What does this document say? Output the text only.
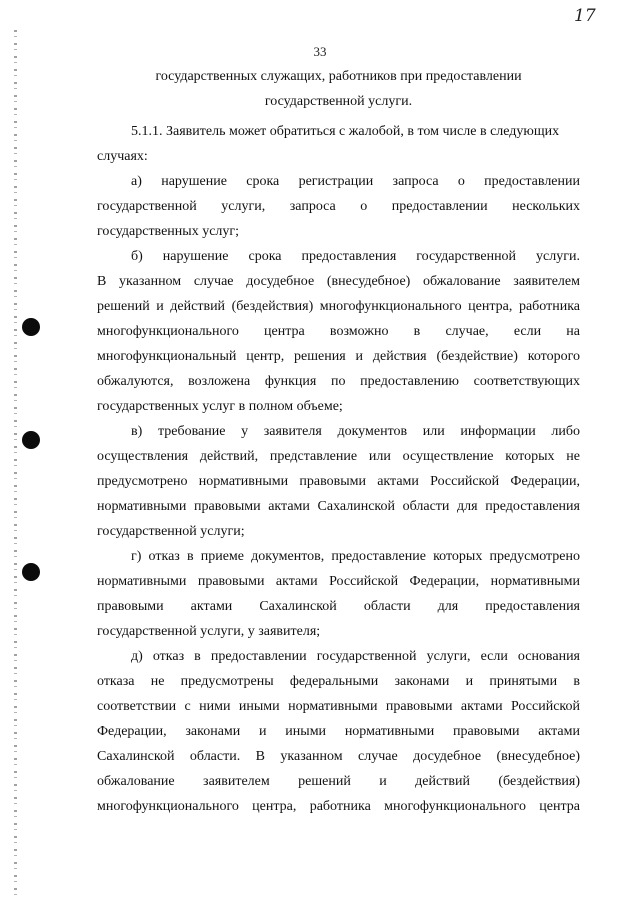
17
33
государственных служащих, работников при предоставлении
государственной услуги.
5.1.1. Заявитель может обратиться с жалобой, в том числе в следующих
случаях:
а) нарушение срока регистрации запроса о предоставлении
государственной услуги, запроса о предоставлении нескольких
государственных услуг;
б) нарушение срока предоставления государственной услуги.
В указанном случае досудебное (внесудебное) обжалование заявителем
решений и действий (бездействия) многофункционального центра, работника
многофункционального центра возможно в случае, если на
многофункциональный центр, решения и действия (бездействие) которого
обжалуются, возложена функция по предоставлению соответствующих
государственных услуг в полном объеме;
в) требование у заявителя документов или информации либо
осуществления действий, представление или осуществление которых не
предусмотрено нормативными правовыми актами Российской Федерации,
нормативными правовыми актами Сахалинской области для предоставления
государственной услуги;
г) отказ в приеме документов, предоставление которых предусмотрено
нормативными правовыми актами Российской Федерации, нормативными
правовыми актами Сахалинской области для предоставления
государственной услуги, у заявителя;
д) отказ в предоставлении государственной услуги, если основания
отказа не предусмотрены федеральными законами и принятыми в
соответствии с ними иными нормативными правовыми актами Российской
Федерации, законами и иными нормативными правовыми актами
Сахалинской области. В указанном случае досудебное (внесудебное)
обжалование заявителем решений и действий (бездействия)
многофункционального центра, работника многофункционального центра
